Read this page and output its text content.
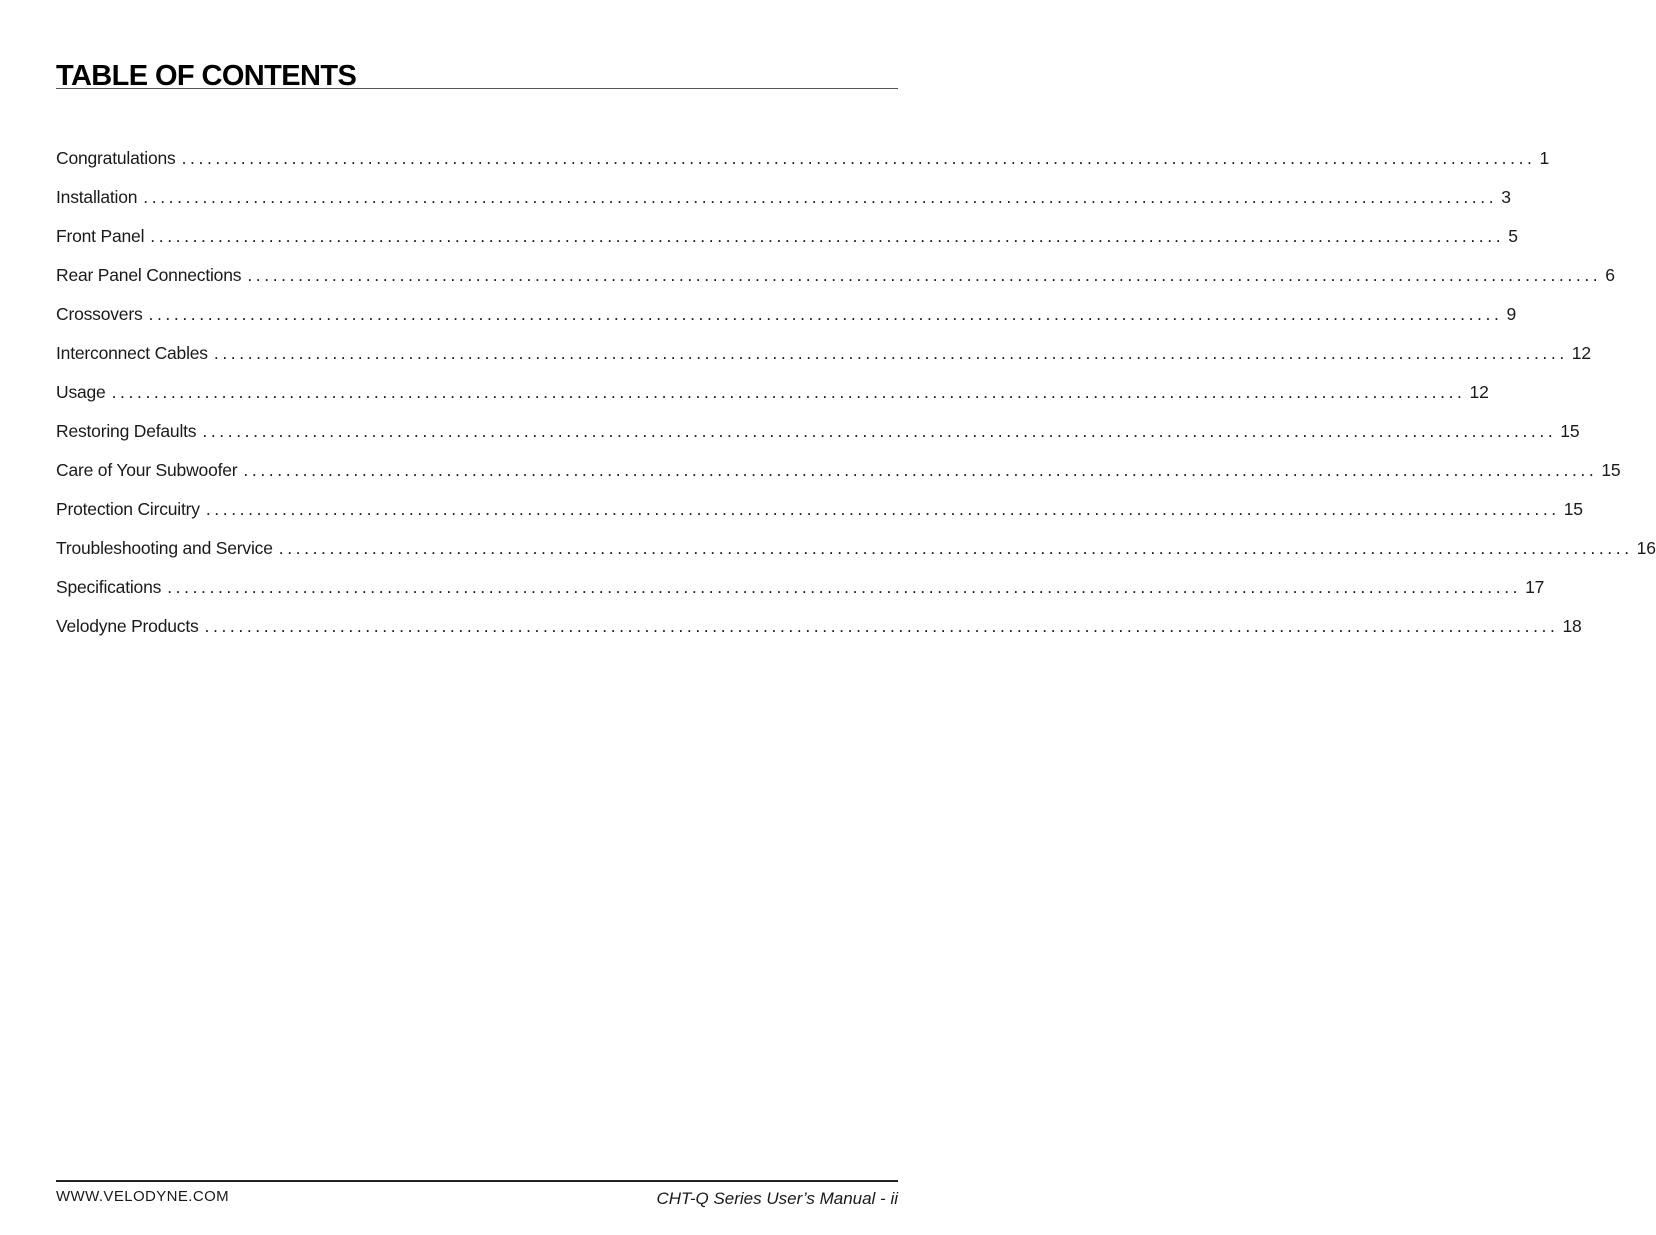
TABLE OF CONTENTS
Congratulations ................................................................................................................................................................ 1
Installation ................................................................................................................................................................ 3
Front Panel ................................................................................................................................................................ 5
Rear Panel Connections ................................................................................................................................................................ 6
Crossovers ................................................................................................................................................................ 9
Interconnect Cables ................................................................................................................................................................ 12
Usage ................................................................................................................................................................ 12
Restoring Defaults ................................................................................................................................................................ 15
Care of Your Subwoofer ................................................................................................................................................................ 15
Protection Circuitry ................................................................................................................................................................ 15
Troubleshooting and Service ................................................................................................................................................................ 16
Specifications ................................................................................................................................................................ 17
Velodyne Products ................................................................................................................................................................ 18
WWW.VELODYNE.COM	CHT-Q Series User’s Manual - ii
